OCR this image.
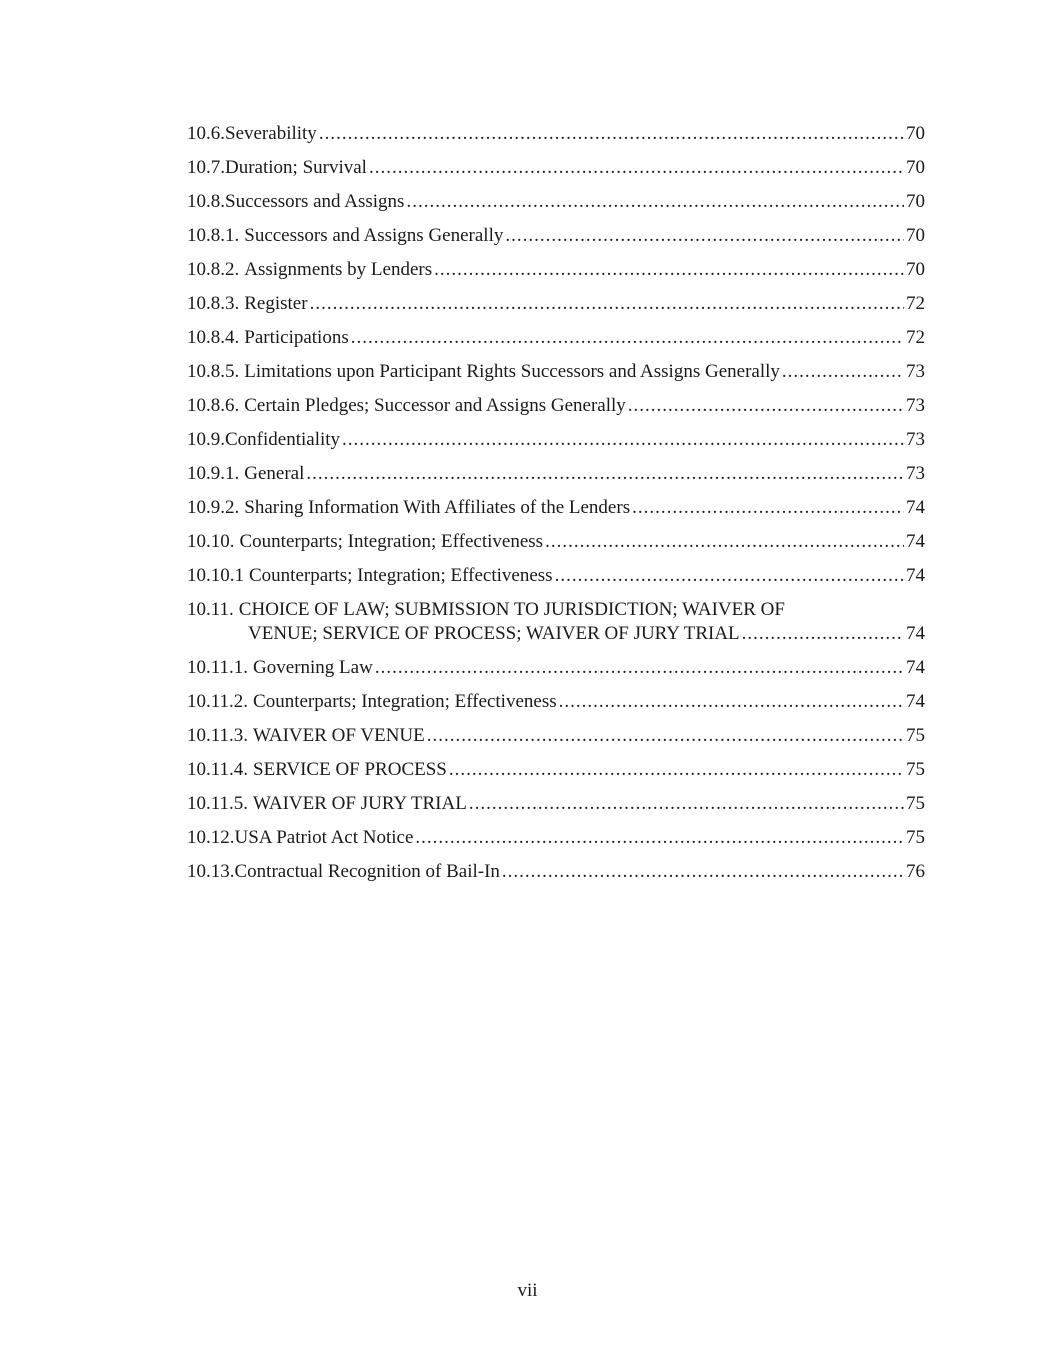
10.6. Severability .....	70
10.7. Duration; Survival .....	70
10.8. Successors and Assigns .....	70
10.8.1. Successors and Assigns Generally .....	70
10.8.2. Assignments by Lenders .....	70
10.8.3. Register .....	72
10.8.4. Participations .....	72
10.8.5. Limitations upon Participant Rights Successors and Assigns Generally .....	73
10.8.6. Certain Pledges; Successor and Assigns Generally .....	73
10.9. Confidentiality .....	73
10.9.1. General .....	73
10.9.2. Sharing Information With Affiliates of the Lenders .....	74
10.10. Counterparts; Integration; Effectiveness .....	74
10.10.1 Counterparts; Integration; Effectiveness .....	74
10.11. CHOICE OF LAW; SUBMISSION TO JURISDICTION; WAIVER OF
VENUE; SERVICE OF PROCESS; WAIVER OF JURY TRIAL .....	74
10.11.1. Governing Law .....	74
10.11.2. Counterparts; Integration; Effectiveness .....	74
10.11.3. WAIVER OF VENUE .....	75
10.11.4. SERVICE OF PROCESS .....	75
10.11.5. WAIVER OF JURY TRIAL .....	75
10.12. USA Patriot Act Notice .....	75
10.13. Contractual Recognition of Bail-In .....	76
vii
